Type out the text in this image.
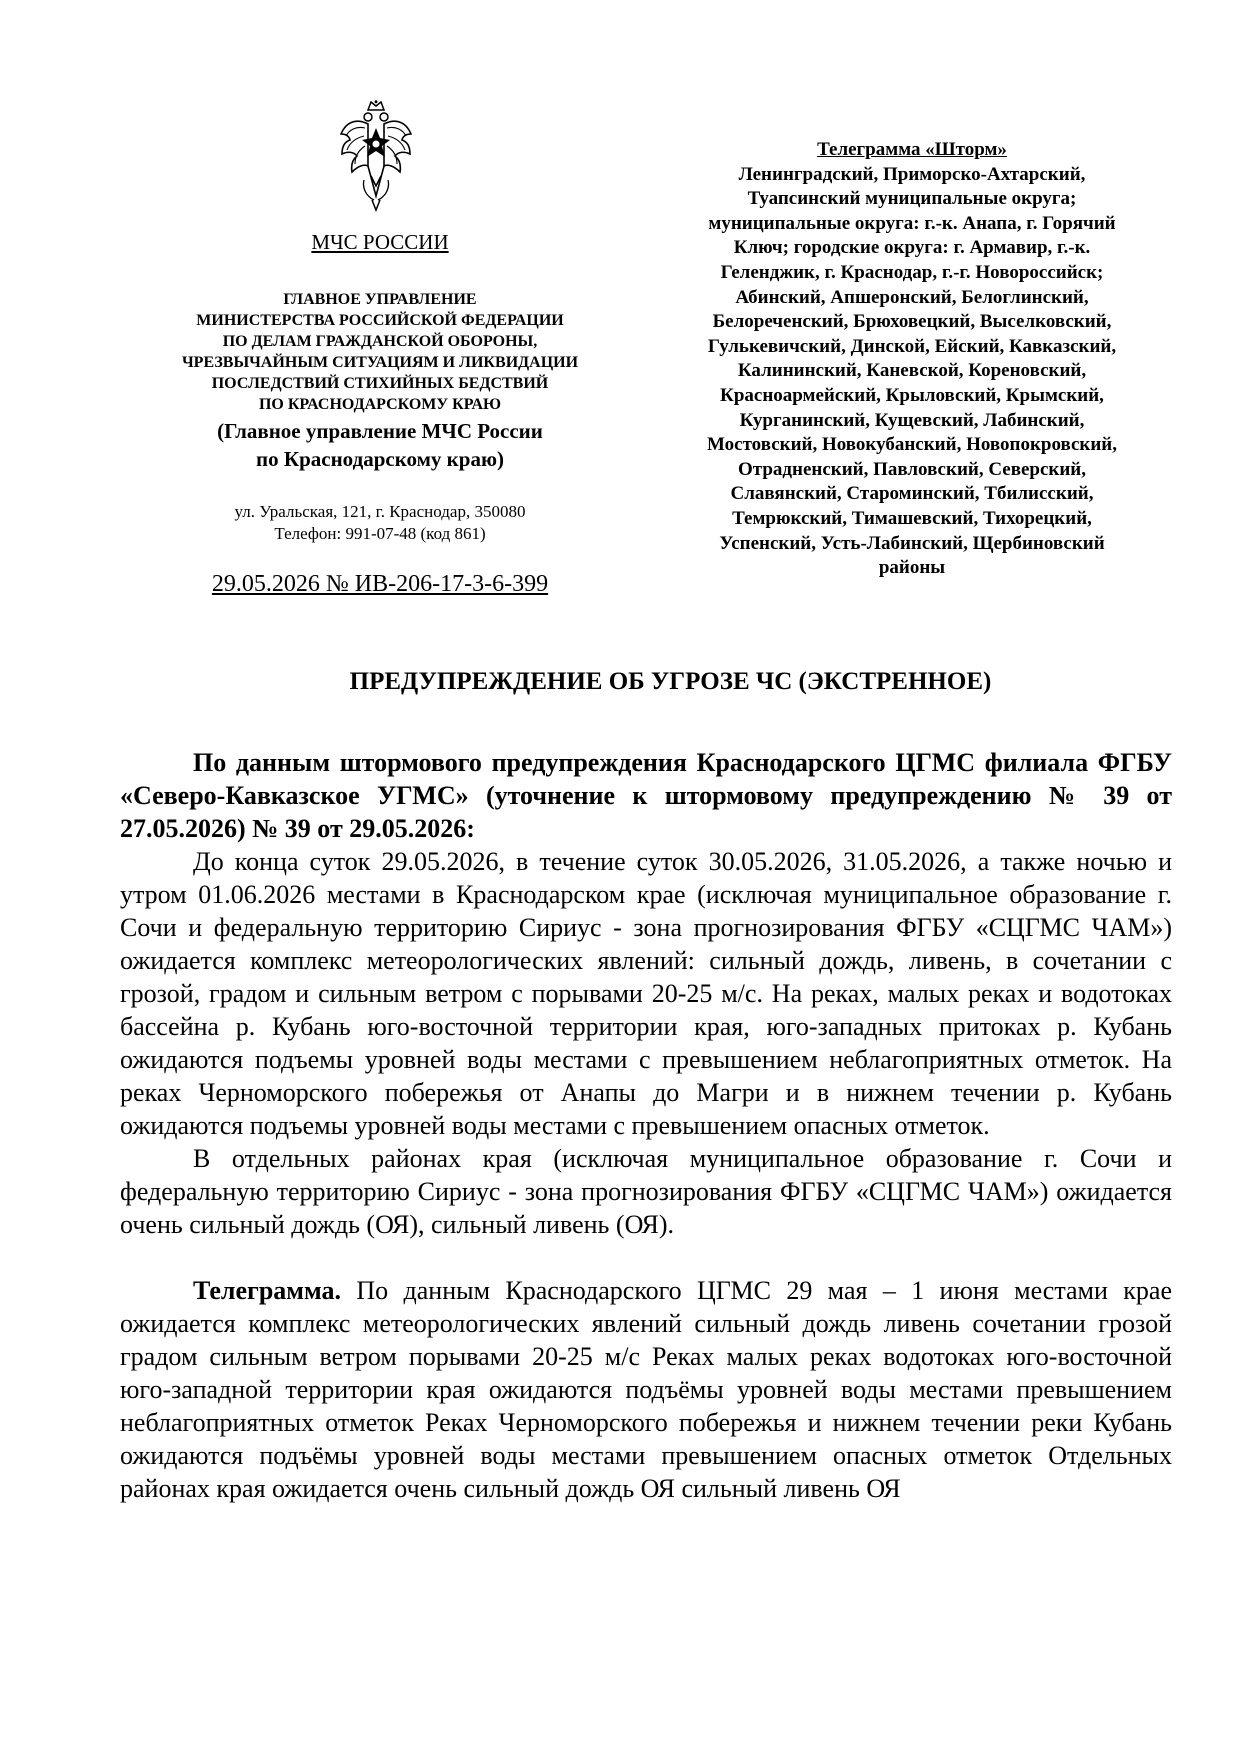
МЧС РОССИИ
ГЛАВНОЕ УПРАВЛЕНИЕ
МИНИСТЕРСТВА РОССИЙСКОЙ ФЕДЕРАЦИИ
ПО ДЕЛАМ ГРАЖДАНСКОЙ ОБОРОНЫ,
ЧРЕЗВЫЧАЙНЫМ СИТУАЦИЯМ И ЛИКВИДАЦИИ
ПОСЛЕДСТВИЙ СТИХИЙНЫХ БЕДСТВИЙ
ПО КРАСНОДАРСКОМУ КРАЮ
(Главное управление МЧС России
по Краснодарскому краю)
ул. Уральская, 121, г. Краснодар, 350080
Телефон: 991-07-48 (код 861)
29.05.2026 № ИВ-206-17-3-6-399
Телеграмма «Шторм»
Ленинградский, Приморско-Ахтарский,
Туапсинский муниципальные округа;
муниципальные округа: г.-к. Анапа, г. Горячий
Ключ; городские округа: г. Армавир, г.-к.
Геленджик, г. Краснодар, г.-г. Новороссийск;
Абинский, Апшеронский, Белоглинский,
Белореченский, Брюховецкий, Выселковский,
Гулькевичский, Динской, Ейский, Кавказский,
Калининский, Каневской, Кореновский,
Красноармейский, Крыловский, Крымский,
Курганинский, Кущевский, Лабинский,
Мостовский, Новокубанский, Новопокровский,
Отрадненский, Павловский, Северский,
Славянский, Староминский, Тбилисский,
Темрюкский, Тимашевский, Тихорецкий,
Успенский, Усть-Лабинский, Щербиновский
районы
ПРЕДУПРЕЖДЕНИЕ ОБ УГРОЗЕ ЧС (ЭКСТРЕННОЕ)

По данным штормового предупреждения Краснодарского ЦГМС филиала ФГБУ «Северо-Кавказское УГМС» (уточнение к штормовому предупреждению № 39 от 27.05.2026) № 39 от 29.05.2026:

До конца суток 29.05.2026, в течение суток 30.05.2026, 31.05.2026, а также ночью и утром 01.06.2026 местами в Краснодарском крае (исключая муниципальное образование г. Сочи и федеральную территорию Сириус - зона прогнозирования ФГБУ «СЦГМС ЧАМ») ожидается комплекс метеорологических явлений: сильный дождь, ливень, в сочетании с грозой, градом и сильным ветром с порывами 20-25 м/с. На реках, малых реках и водотоках бассейна р. Кубань юго-восточной территории края, юго-западных притоках р. Кубань ожидаются подъемы уровней воды местами с превышением неблагоприятных отметок. На реках Черноморского побережья от Анапы до Магри и в нижнем течении р. Кубань ожидаются подъемы уровней воды местами с превышением опасных отметок.

В отдельных районах края (исключая муниципальное образование г. Сочи и федеральную территорию Сириус - зона прогнозирования ФГБУ «СЦГМС ЧАМ») ожидается очень сильный дождь (ОЯ), сильный ливень (ОЯ).

Телеграмма. По данным Краснодарского ЦГМС 29 мая – 1 июня местами крае ожидается комплекс метеорологических явлений сильный дождь ливень сочетании грозой градом сильным ветром порывами 20-25 м/с Реках малых реках водотоках юго-восточной юго-западной территории края ожидаются подъёмы уровней воды местами превышением неблагоприятных отметок Реках Черноморского побережья и нижнем течении реки Кубань ожидаются подъёмы уровней воды местами превышением опасных отметок Отдельных районах края ожидается очень сильный дождь ОЯ сильный ливень ОЯ
